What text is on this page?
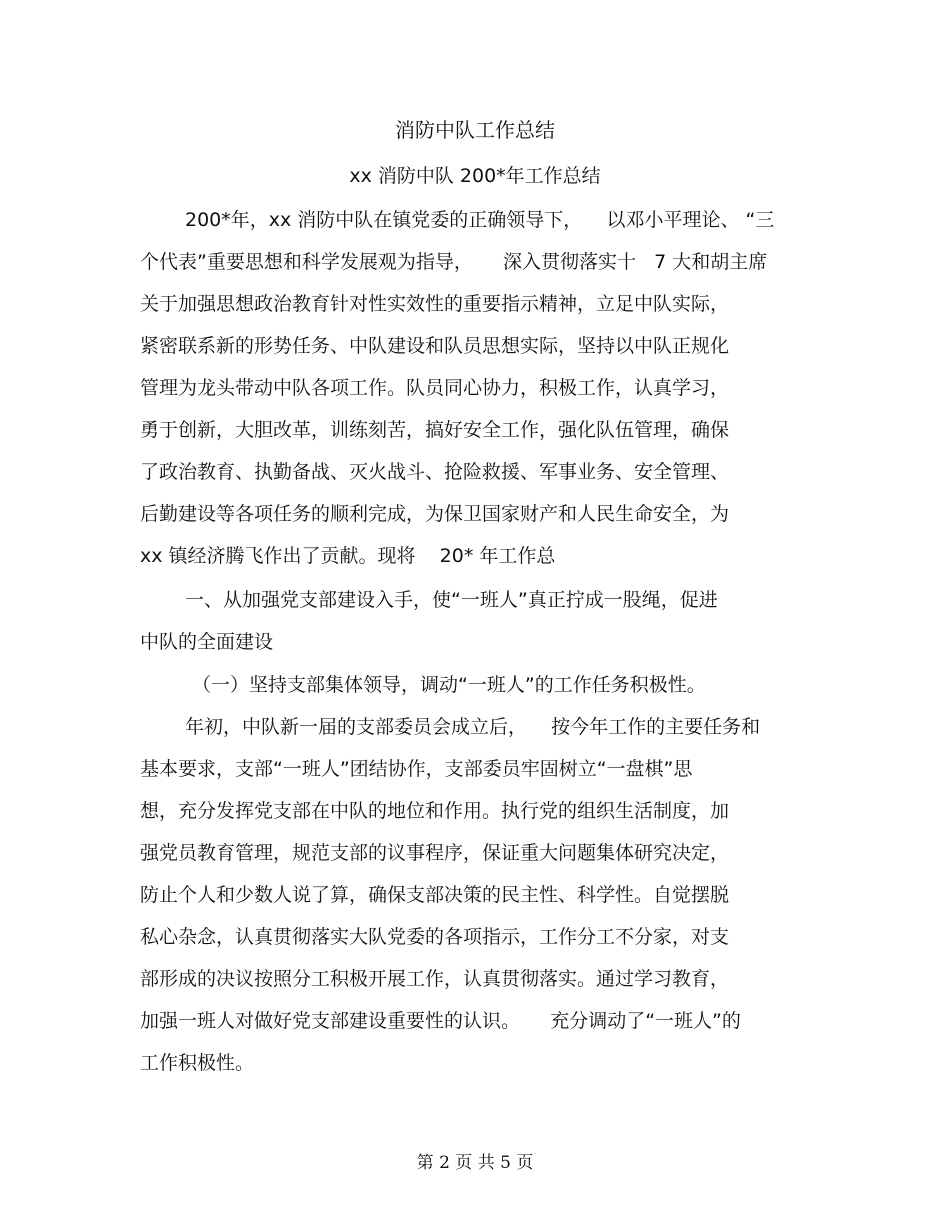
消防中队工作总结
xx 消防中队 200*年工作总结
200*年，xx 消防中队在镇党委的正确领导下，    以邓小平理论、 “三
个代表”重要思想和科学发展观为指导，     深入贯彻落实十   7 大和胡主席
关于加强思想政治教育针对性实效性的重要指示精神，立足中队实际，
紧密联系新的形势任务、中队建设和队员思想实际，坚持以中队正规化
管理为龙头带动中队各项工作。队员同心协力，积极工作，认真学习，
勇于创新，大胆改革，训练刻苦，搞好安全工作，强化队伍管理，确保
了政治教育、执勤备战、灭火战斗、抢险救援、军事业务、安全管理、
后勤建设等各项任务的顺利完成，为保卫国家财产和人民生命安全，为
xx 镇经济腾飞作出了贡献。现将    20* 年工作总
一、从加强党支部建设入手，使“一班人”真正拧成一股绳，促进
中队的全面建设
（一）坚持支部集体领导，调动“一班人”的工作任务积极性。
年初，中队新一届的支部委员会成立后，    按今年工作的主要任务和
基本要求，支部“一班人”团结协作，支部委员牢固树立“一盘棋”思
想，充分发挥党支部在中队的地位和作用。执行党的组织生活制度，加
强党员教育管理，规范支部的议事程序，保证重大问题集体研究决定，
防止个人和少数人说了算，确保支部决策的民主性、科学性。自觉摆脱
私心杂念，认真贯彻落实大队党委的各项指示，工作分工不分家，对支
部形成的决议按照分工积极开展工作，认真贯彻落实。通过学习教育，
加强一班人对做好党支部建设重要性的认识。     充分调动了“一班人”的
工作积极性。
第 2 页 共 5 页
